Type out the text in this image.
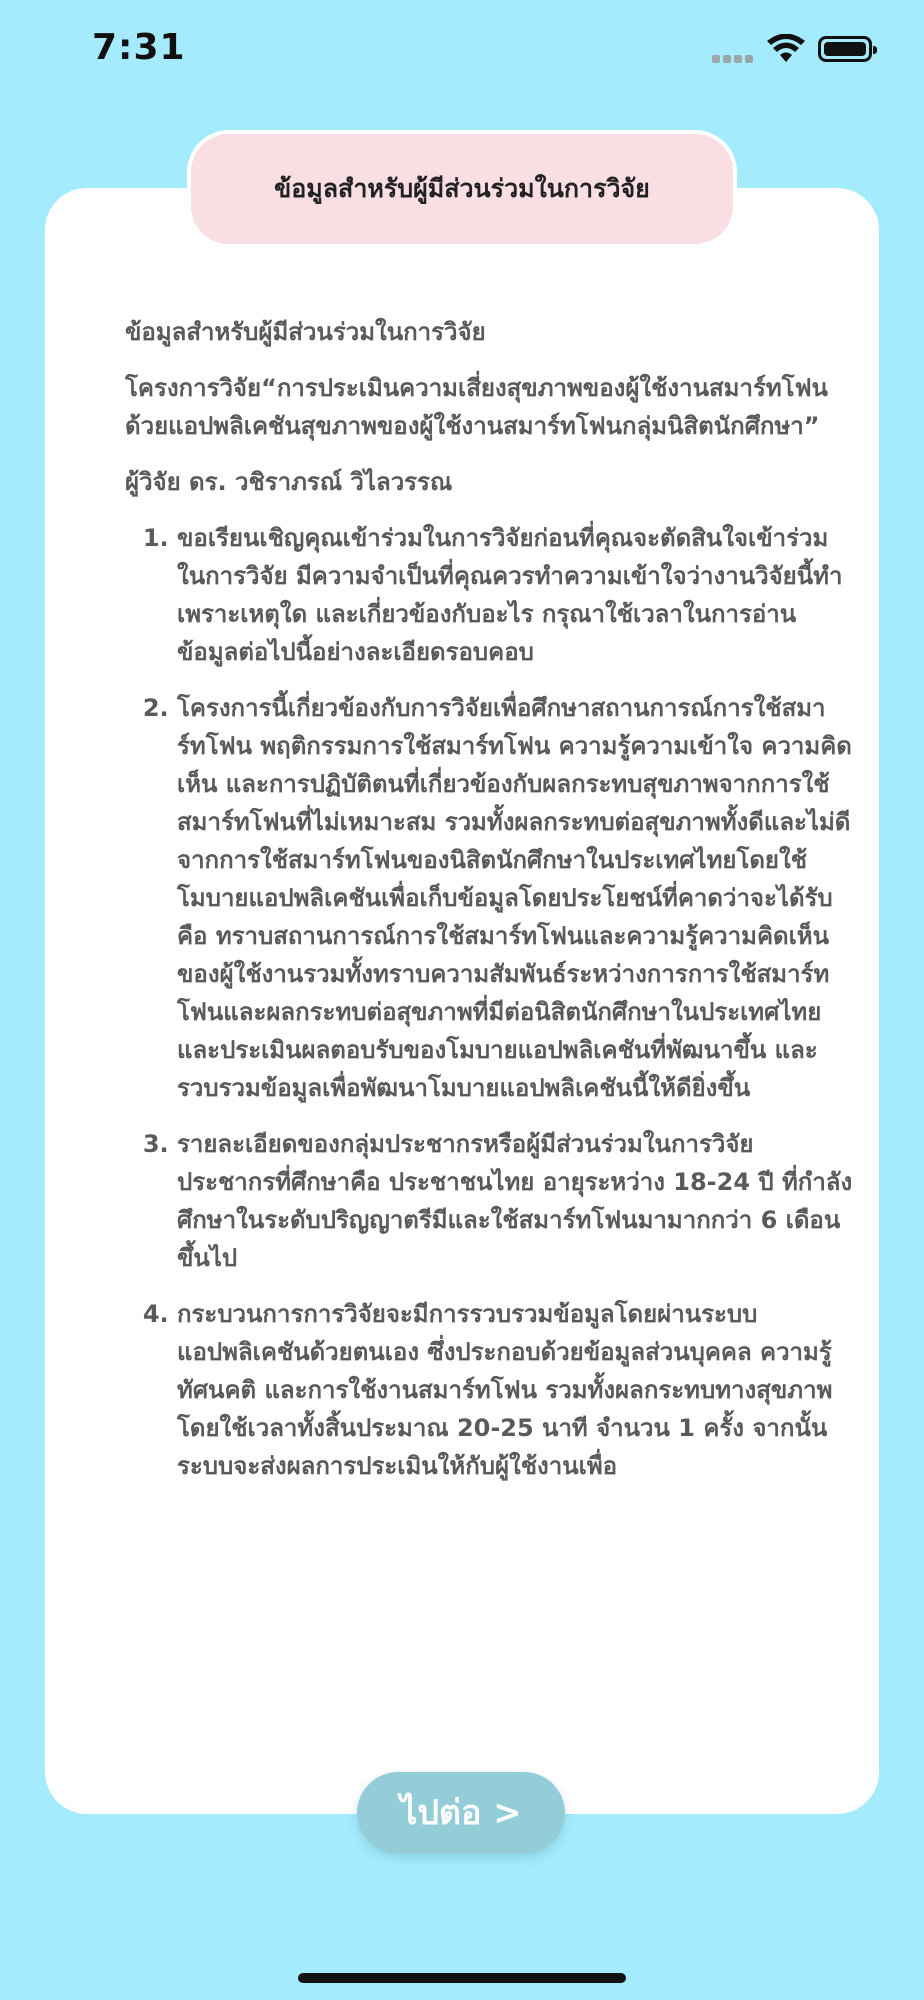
7:31
ข้อมูลสำหรับผู้มีส่วนร่วมในการวิจัย

ข้อมูลสำหรับผู้มีส่วนร่วมในการวิจัย

โครงการวิจัย“การประเมินความเสี่ยงสุขภาพของผู้ใช้งานสมาร์ทโฟนด้วยแอปพลิเคชันสุขภาพของผู้ใช้งานสมาร์ทโฟนกลุ่มนิสิตนักศึกษา”

ผู้วิจัย ดร. วชิราภรณ์ วิไลวรรณ

1. ขอเรียนเชิญคุณเข้าร่วมในการวิจัยก่อนที่คุณจะตัดสินใจเข้าร่วมในการวิจัย มีความจำเป็นที่คุณควรทำความเข้าใจว่างานวิจัยนี้ทำเพราะเหตุใด และเกี่ยวข้องกับอะไร กรุณาใช้เวลาในการอ่านข้อมูลต่อไปนี้อย่างละเอียดรอบคอบ
2. โครงการนี้เกี่ยวข้องกับการวิจัยเพื่อศึกษาสถานการณ์การใช้สมาร์ทโฟน พฤติกรรมการใช้สมาร์ทโฟน ความรู้ความเข้าใจ ความคิดเห็น และการปฏิบัติตนที่เกี่ยวข้องกับผลกระทบสุขภาพจากการใช้สมาร์ทโฟนที่ไม่เหมาะสม รวมทั้งผลกระทบต่อสุขภาพทั้งดีและไม่ดีจากการใช้สมาร์ทโฟนของนิสิตนักศึกษาในประเทศไทยโดยใช้โมบายแอปพลิเคชันเพื่อเก็บข้อมูลโดยประโยชน์ที่คาดว่าจะได้รับ คือ ทราบสถานการณ์การใช้สมาร์ทโฟนและความรู้ความคิดเห็นของผู้ใช้งานรวมทั้งทราบความสัมพันธ์ระหว่างการการใช้สมาร์ทโฟนและผลกระทบต่อสุขภาพที่มีต่อนิสิตนักศึกษาในประเทศไทย และประเมินผลตอบรับของโมบายแอปพลิเคชันที่พัฒนาขึ้น และรวบรวมข้อมูลเพื่อพัฒนาโมบายแอปพลิเคชันนี้ให้ดียิ่งขึ้น
3. รายละเอียดของกลุ่มประชากรหรือผู้มีส่วนร่วมในการวิจัย ประชากรที่ศึกษาคือ ประชาชนไทย อายุระหว่าง 18-24 ปี ที่กำลังศึกษาในระดับปริญญาตรีมีและใช้สมาร์ทโฟนมามากกว่า 6 เดือนขึ้นไป
4. กระบวนการการวิจัยจะมีการรวบรวมข้อมูลโดยผ่านระบบแอปพลิเคชันด้วยตนเอง ซึ่งประกอบด้วยข้อมูลส่วนบุคคล ความรู้ ทัศนคติ และการใช้งานสมาร์ทโฟน รวมทั้งผลกระทบทางสุขภาพ โดยใช้เวลาทั้งสิ้นประมาณ 20-25 นาที จำนวน 1 ครั้ง จากนั้นระบบจะส่งผลการประเมินให้กับผู้ใช้งานเพื่อ
ไปต่อ >
